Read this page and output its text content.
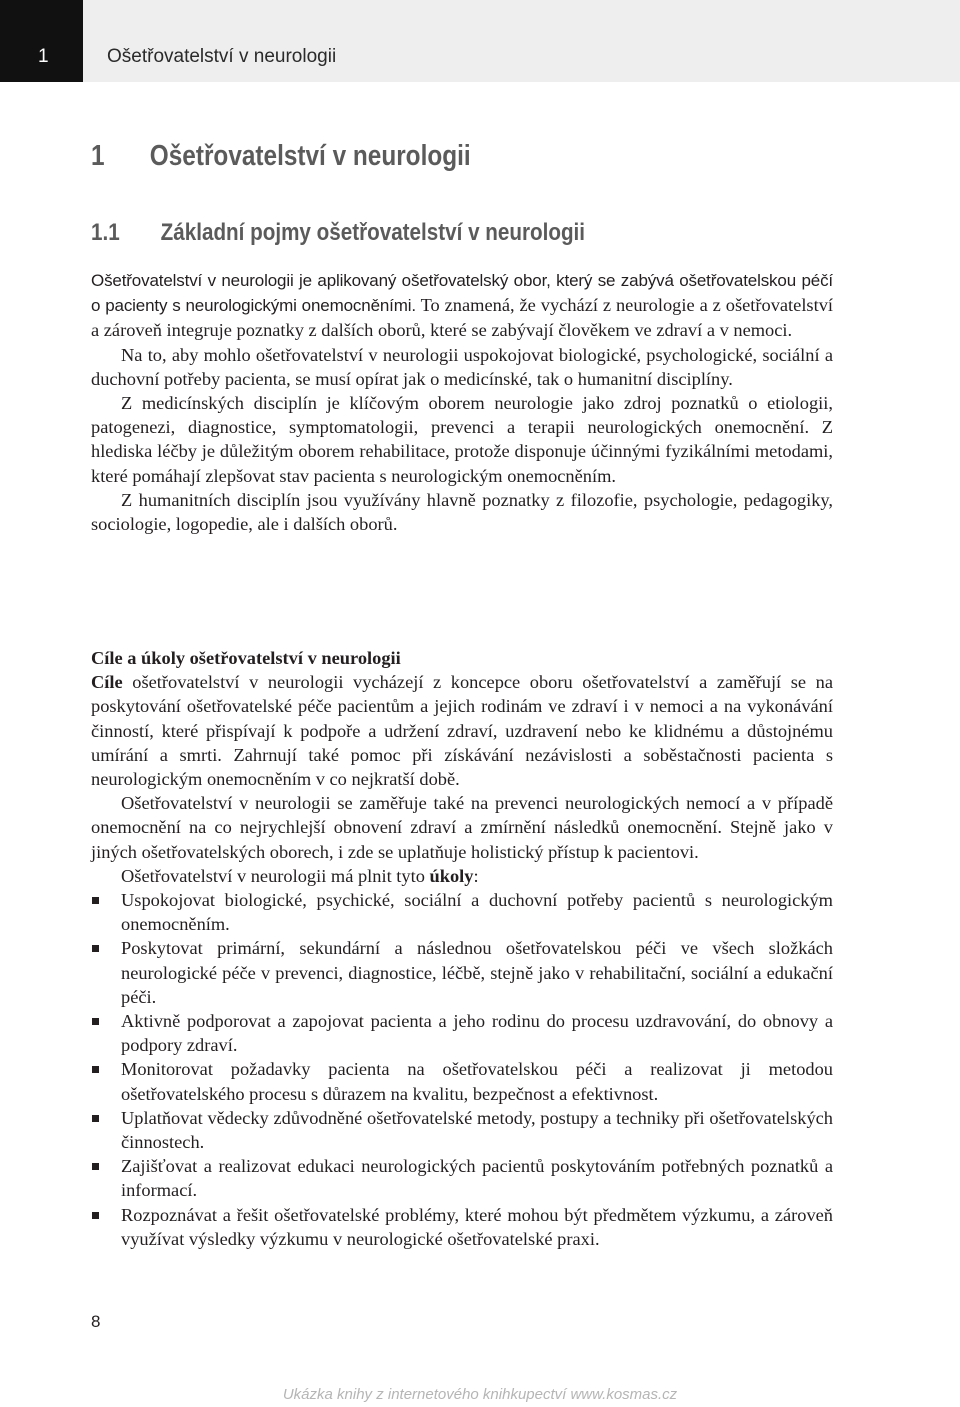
1	Ošetřovatelství v neurologii
1 Ošetřovatelství v neurologii
1.1 Základní pojmy ošetřovatelství v neurologii

Ošetřovatelství v neurologii je aplikovaný ošetřovatelský obor, který se zabývá ošetřovatelskou péčí o pacienty s neurologickými onemocněními. To znamená, že vychází z neurologie a z ošetřovatelství a zároveň integruje poznatky z dalších oborů, které se zabývají člověkem ve zdraví a v nemoci.

Na to, aby mohlo ošetřovatelství v neurologii uspokojovat biologické, psychologické, sociální a duchovní potřeby pacienta, se musí opírat jak o medicínské, tak o humanitní disciplíny.

Z medicínských disciplín je klíčovým oborem neurologie jako zdroj poznatků o etiologii, patogenezi, diagnostice, symptomatologii, prevenci a terapii neurologických onemocnění. Z hlediska léčby je důležitým oborem rehabilitace, protože disponuje účinnými fyzikálními metodami, které pomáhají zlepšovat stav pacienta s neurologickým onemocněním.

Z humanitních disciplín jsou využívány hlavně poznatky z filozofie, psychologie, pedagogiky, sociologie, logopedie, ale i dalších oborů.

Cíle a úkoly ošetřovatelství v neurologii

Cíle ošetřovatelství v neurologii vycházejí z koncepce oboru ošetřovatelství a zaměřují se na poskytování ošetřovatelské péče pacientům a jejich rodinám ve zdraví i v nemoci a na vykonávání činností, které přispívají k podpoře a udržení zdraví, uzdravení nebo ke klidnému a důstojnému umírání a smrti. Zahrnují také pomoc při získávání nezávislosti a soběstačnosti pacienta s neurologickým onemocněním v co nejkratší době.

Ošetřovatelství v neurologii se zaměřuje také na prevenci neurologických nemocí a v případě onemocnění na co nejrychlejší obnovení zdraví a zmírnění následků onemocnění. Stejně jako v jiných ošetřovatelských oborech, i zde se uplatňuje holistický přístup k pacientovi.

Ošetřovatelství v neurologii má plnit tyto úkoly:

Uspokojovat biologické, psychické, sociální a duchovní potřeby pacientů s neurologickým onemocněním.
Poskytovat primární, sekundární a následnou ošetřovatelskou péči ve všech složkách neurologické péče v prevenci, diagnostice, léčbě, stejně jako v rehabilitační, sociální a edukační péči.
Aktivně podporovat a zapojovat pacienta a jeho rodinu do procesu uzdravování, do obnovy a podpory zdraví.
Monitorovat požadavky pacienta na ošetřovatelskou péči a realizovat ji metodou ošetřovatelského procesu s důrazem na kvalitu, bezpečnost a efektivnost.
Uplatňovat vědecky zdůvodněné ošetřovatelské metody, postupy a techniky při ošetřovatelských činnostech.
Zajišťovat a realizovat edukaci neurologických pacientů poskytováním potřebných poznatků a informací.
Rozpoznávat a řešit ošetřovatelské problémy, které mohou být předmětem výzkumu, a zároveň využívat výsledky výzkumu v neurologické ošetřovatelské praxi.
8
Ukázka knihy z internetového knihkupectví www.kosmas.cz
